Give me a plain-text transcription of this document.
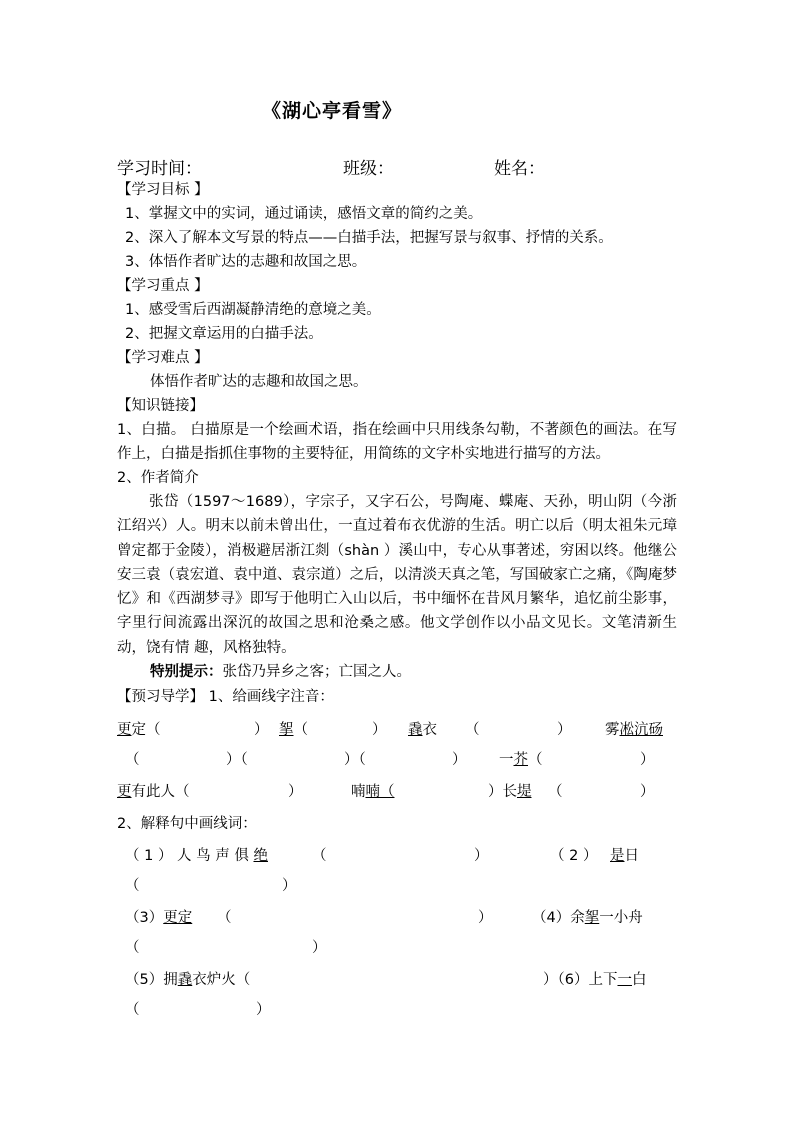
《湖心亭看雪》
学习时间：	班级：	姓名：
【学习目标 】
1、掌握文中的实词，通过诵读，感悟文章的简约之美。
2、深入了解本文写景的特点——白描手法，把握写景与叙事、抒情的关系。
3、体悟作者旷达的志趣和故国之思。
【学习重点 】
1、感受雪后西湖凝静清绝的意境之美。
2、把握文章运用的白描手法。
【学习难点 】
体悟作者旷达的志趣和故国之思。
【知识链接】
1、白描。 白描原是一个绘画术语，指在绘画中只用线条勾勒，不著颜色的画法。在写作上，白描是指抓住事物的主要特征，用简练的文字朴实地进行描写的方法。
2、作者简介
张岱（1597～1689），字宗子，又字石公，号陶庵、蝶庵、天孙，明山阴（今浙江绍兴）人。明末以前未曾出仕，一直过着布衣优游的生活。明亡以后（明太祖朱元璋曾定都于金陵），消极避居浙江剡（shàn ）溪山中，专心从事著述，穷困以终。他继公安三袁（袁宏道、袁中道、袁宗道）之后，以清淡天真之笔，写国破家亡之痛，《陶庵梦忆》和《西湖梦寻》即写于他明亡入山以后，书中缅怀在昔风月繁华，追忆前尘影事，字里行间流露出深沉的故国之思和沧桑之感。他文学创作以小品文见长。文笔清新生动，饶有情 趣，风格独特。
特别提示：张岱乃异乡之客；亡国之人。
【预习导学】 1、给画线字注音：
更定（	） 挐（	） 毳衣 （	） 雾凇沆砀
（	）（	）（	） 一芥（	）
更有此人（	）	喃喃（	）长堤 （	）
2、解释句中画线词：
（ 1 ） 人 鸟 声 俱 绝	（	）	（ 2 ） 是日
（	）
（3）更定 （	）	（4）余挐一小舟
（	）
（5）拥毳衣炉火（	）（6）上下一白
（	）
